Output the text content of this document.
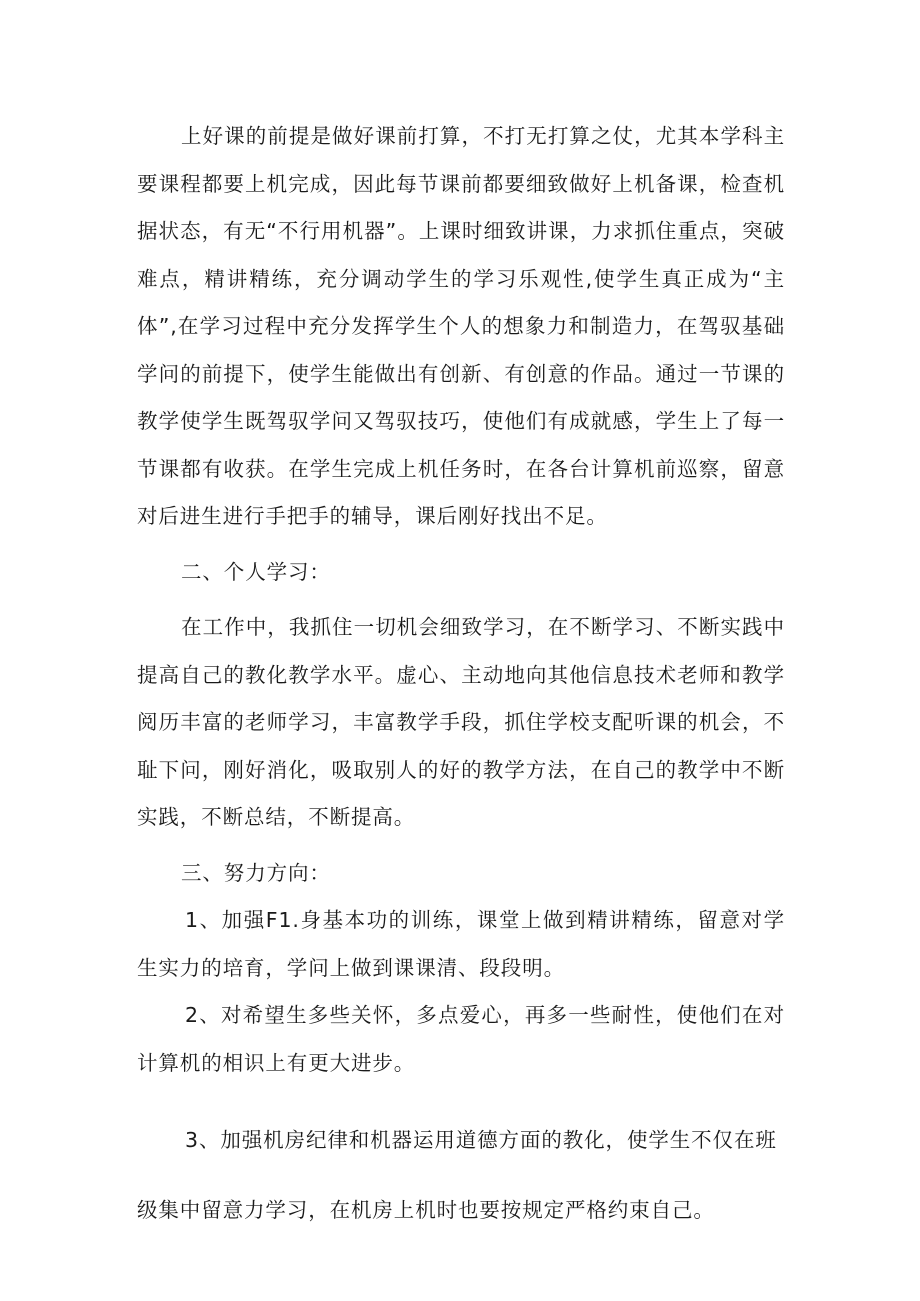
上好课的前提是做好课前打算，不打无打算之仗，尤其本学科主要课程都要上机完成，因此每节课前都要细致做好上机备课，检查机据状态，有无“不行用机器”。上课时细致讲课，力求抓住重点，突破难点，精讲精练，充分调动学生的学习乐观性,使学生真正成为“主体”,在学习过程中充分发挥学生个人的想象力和制造力，在驾驭基础学问的前提下，使学生能做出有创新、有创意的作品。通过一节课的教学使学生既驾驭学问又驾驭技巧，使他们有成就感，学生上了每一节课都有收获。在学生完成上机任务时，在各台计算机前巡察，留意对后进生进行手把手的辅导，课后刚好找出不足。

二、个人学习：

在工作中，我抓住一切机会细致学习，在不断学习、不断实践中提高自己的教化教学水平。虚心、主动地向其他信息技术老师和教学阅历丰富的老师学习，丰富教学手段，抓住学校支配听课的机会，不耻下问，刚好消化，吸取别人的好的教学方法，在自己的教学中不断实践，不断总结，不断提高。

三、努力方向：

1、加强F1.身基本功的训练，课堂上做到精讲精练，留意对学生实力的培育，学问上做到课课清、段段明。

2、对希望生多些关怀，多点爱心，再多一些耐性，使他们在对计算机的相识上有更大进步。

3、加强机房纪律和机器运用道德方面的教化，使学生不仅在班

级集中留意力学习，在机房上机时也要按规定严格约束自己。
